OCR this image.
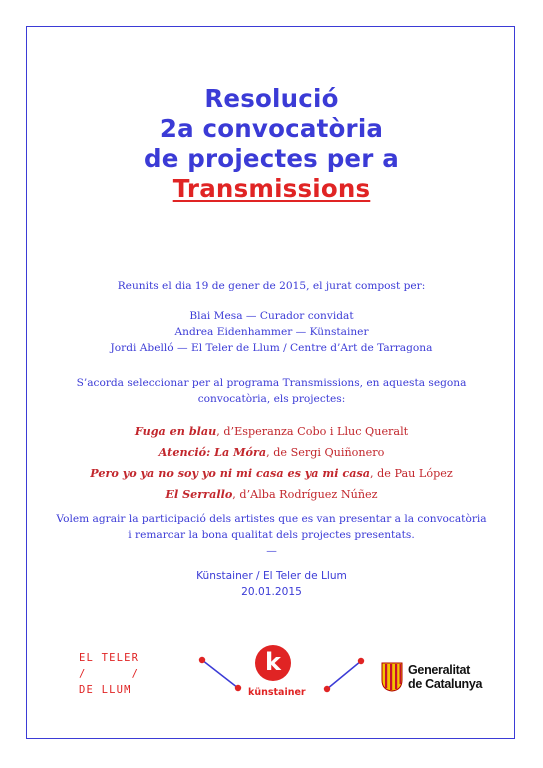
Resolució
2a convocatòria
de projectes per a
Transmissions
Reunits el dia 19 de gener de 2015, el jurat compost per:
Blai Mesa — Curador convidat
Andrea Eidenhammer — Künstainer
Jordi Abelló — El Teler de Llum / Centre d’Art de Tarragona
S’acorda seleccionar per al programa Transmissions, en aquesta segona
convocatòria, els projectes:
Fuga en blau, d’Esperanza Cobo i Lluc Queralt
Atenció: La Móra, de Sergi Quiñonero
Pero yo ya no soy yo ni mi casa es ya mi casa, de Pau López
El Serrallo, d’Alba Rodríguez Núñez
Volem agrair la participació dels artistes que es van presentar a la convocatòria
i remarcar la bona qualitat dels projectes presentats.
—
Künstainer / El Teler de Llum
20.01.2015
EL TELER
/      /
DE LLUM
k
künstainer
Generalitat
de Catalunya
